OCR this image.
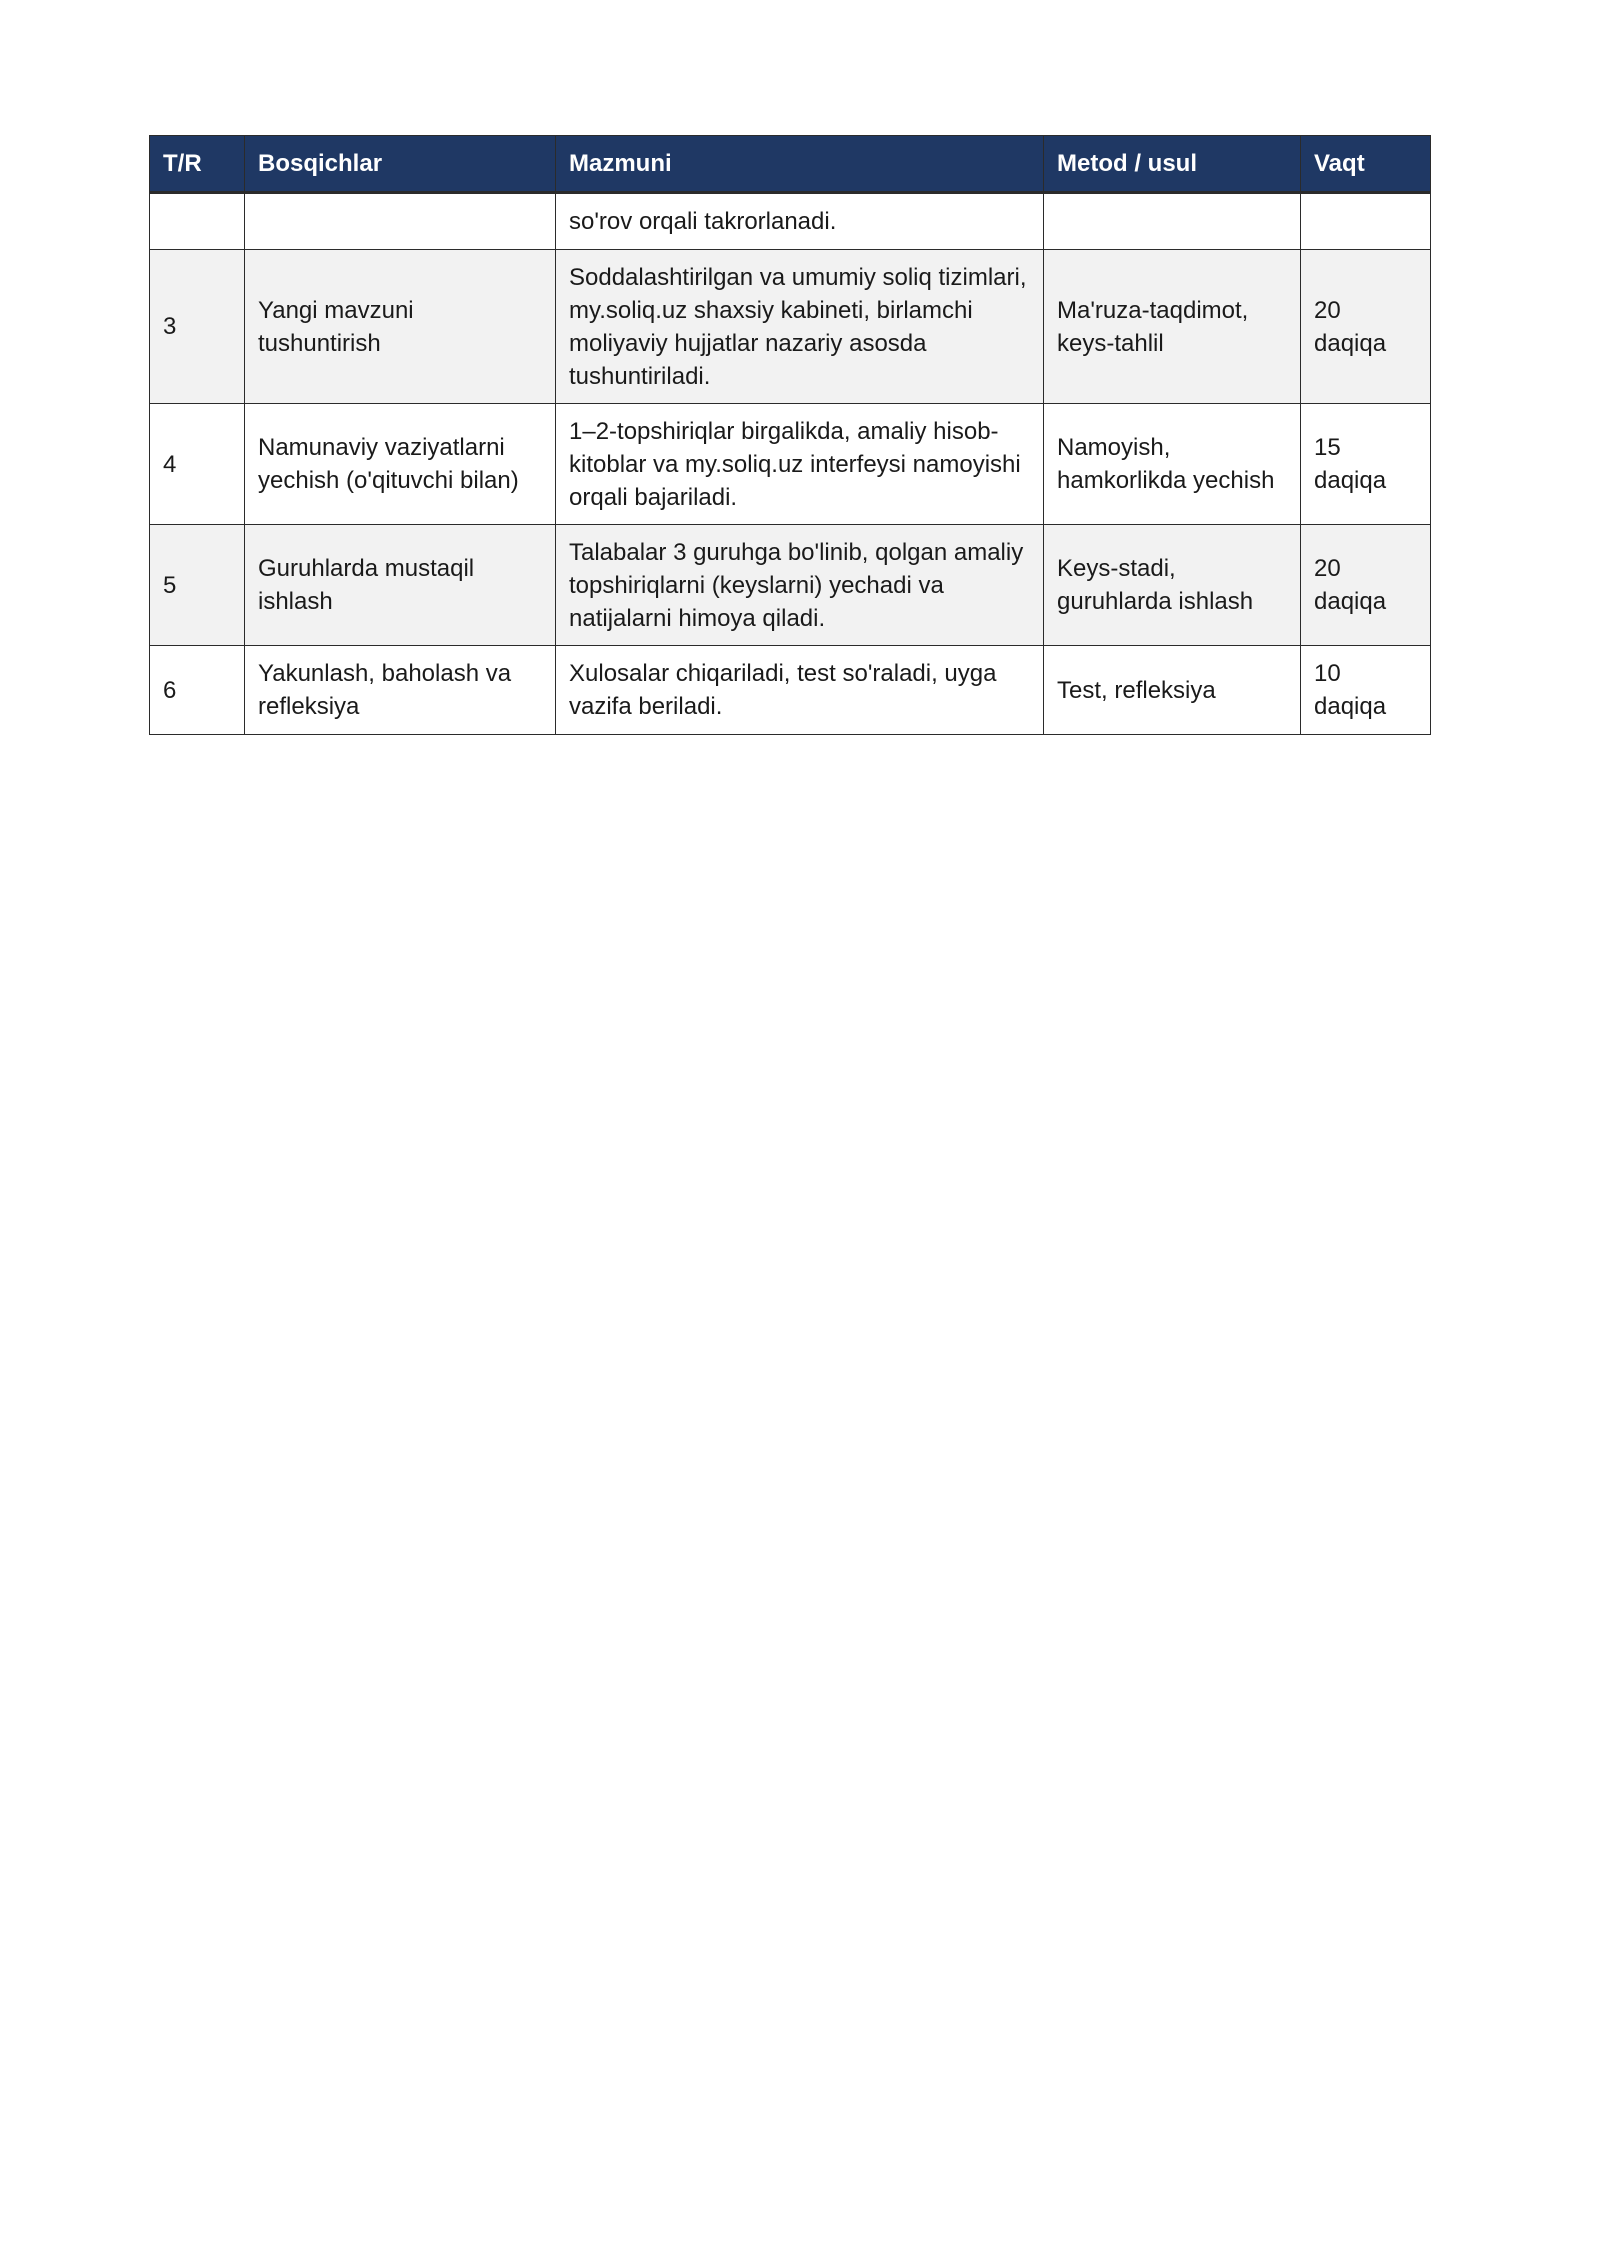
T/R	Bosqichlar	Mazmuni	Metod / usul	Vaqt
		so'rov orqali takrorlanadi.		
3	Yangi mavzuni tushuntirish	Soddalashtirilgan va umumiy soliq tizimlari, my.soliq.uz shaxsiy kabineti, birlamchi moliyaviy hujjatlar nazariy asosda tushuntiriladi.	Ma'ruza-taqdimot, keys-tahlil	20 daqiqa
4	Namunaviy vaziyatlarni yechish (o'qituvchi bilan)	1–2-topshiriqlar birgalikda, amaliy hisob-kitoblar va my.soliq.uz interfeysi namoyishi orqali bajariladi.	Namoyish, hamkorlikda yechish	15 daqiqa
5	Guruhlarda mustaqil ishlash	Talabalar 3 guruhga bo'linib, qolgan amaliy topshiriqlarni (keyslarni) yechadi va natijalarni himoya qiladi.	Keys-stadi, guruhlarda ishlash	20 daqiqa
6	Yakunlash, baholash va refleksiya	Xulosalar chiqariladi, test so'raladi, uyga vazifa beriladi.	Test, refleksiya	10 daqiqa
